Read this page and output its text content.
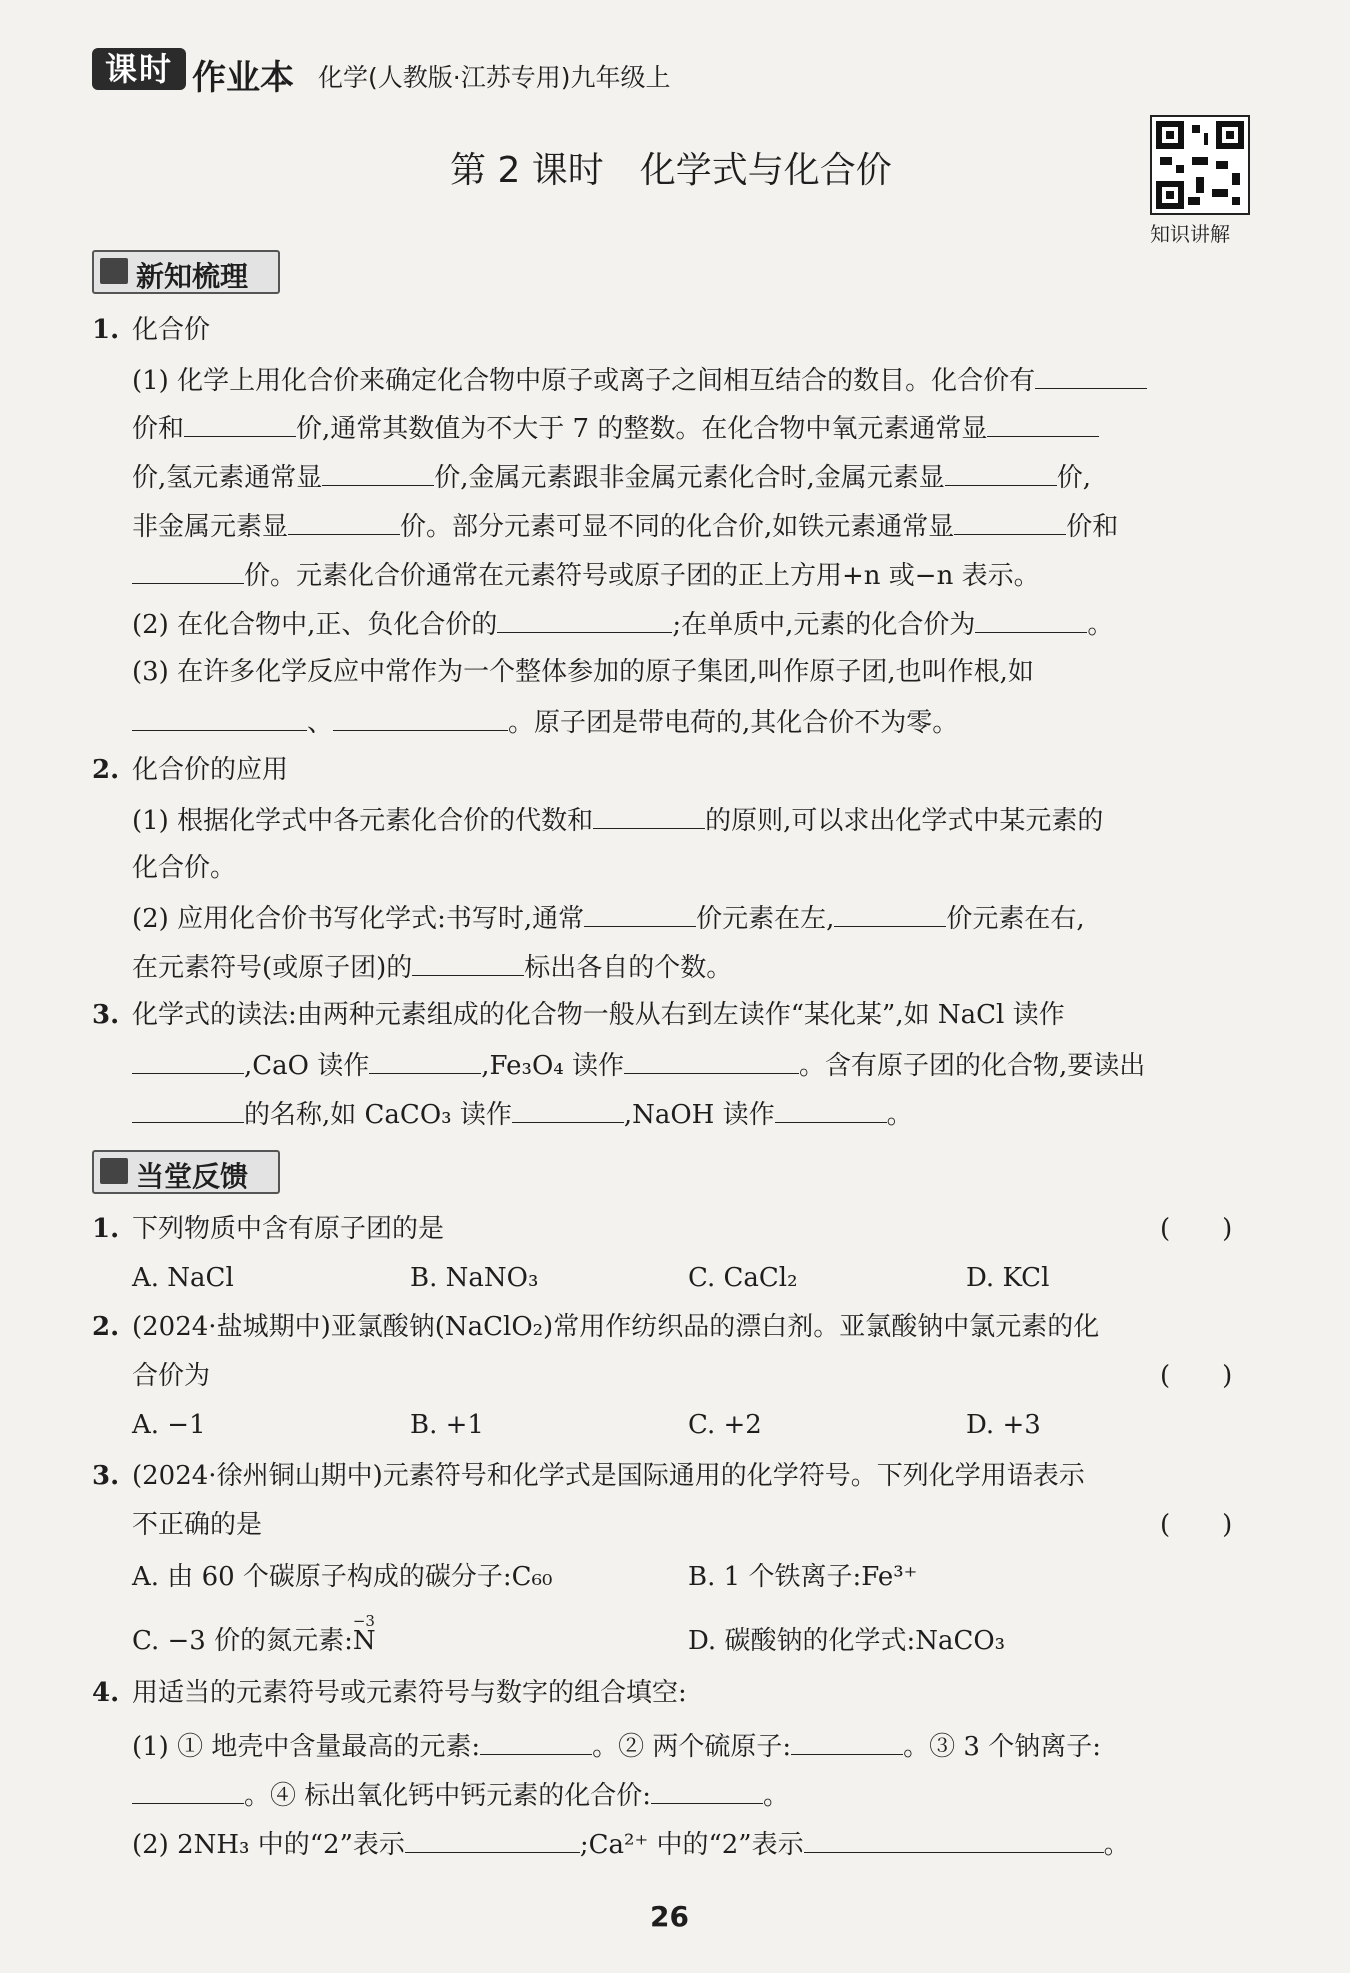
课时 作业本 化学(人教版·江苏专用)九年级上
第 2 课时　化学式与化合价
知识讲解
新知梳理
1. 化合价
(1) 化学上用化合价来确定化合物中原子或离子之间相互结合的数目。化合价有
价和	价,通常其数值为不大于 7 的整数。在化合物中氧元素通常显
价,氢元素通常显	价,金属元素跟非金属元素化合时,金属元素显	价,
非金属元素显	价。部分元素可显不同的化合价,如铁元素通常显	价和
价。元素化合价通常在元素符号或原子团的正上方用+n 或−n 表示。
(2) 在化合物中,正、负化合价的	;在单质中,元素的化合价为	。
(3) 在许多化学反应中常作为一个整体参加的原子集团,叫作原子团,也叫作根,如
、	。原子团是带电荷的,其化合价不为零。
2. 化合价的应用
(1) 根据化学式中各元素化合价的代数和	的原则,可以求出化学式中某元素的
化合价。
(2) 应用化合价书写化学式:书写时,通常	价元素在左,	价元素在右,
在元素符号(或原子团)的	标出各自的个数。
3. 化学式的读法:由两种元素组成的化合物一般从右到左读作“某化某”,如 NaCl 读作
,CaO 读作	,Fe₃O₄ 读作	。含有原子团的化合物,要读出
的名称,如 CaCO₃ 读作	,NaOH 读作	。
当堂反馈
1. 下列物质中含有原子团的是	(　　)
A. NaCl	B. NaNO₃	C. CaCl₂	D. KCl
2. (2024·盐城期中)亚氯酸钠(NaClO₂)常用作纺织品的漂白剂。亚氯酸钠中氯元素的化
合价为	(　　)
A. −1	B. +1	C. +2	D. +3
3. (2024·徐州铜山期中)元素符号和化学式是国际通用的化学符号。下列化学用语表示
不正确的是	(　　)
A. 由 60 个碳原子构成的碳分子:C₆₀	B. 1 个铁离子:Fe³⁺
C. −3 价的氮元素:
−3
N	D. 碳酸钠的化学式:NaCO₃
4. 用适当的元素符号或元素符号与数字的组合填空:
(1) ① 地壳中含量最高的元素:	。② 两个硫原子:	。③ 3 个钠离子:
。④ 标出氧化钙中钙元素的化合价:	。
(2) 2NH₃ 中的“2”表示	;Ca²⁺ 中的“2”表示	。
26
